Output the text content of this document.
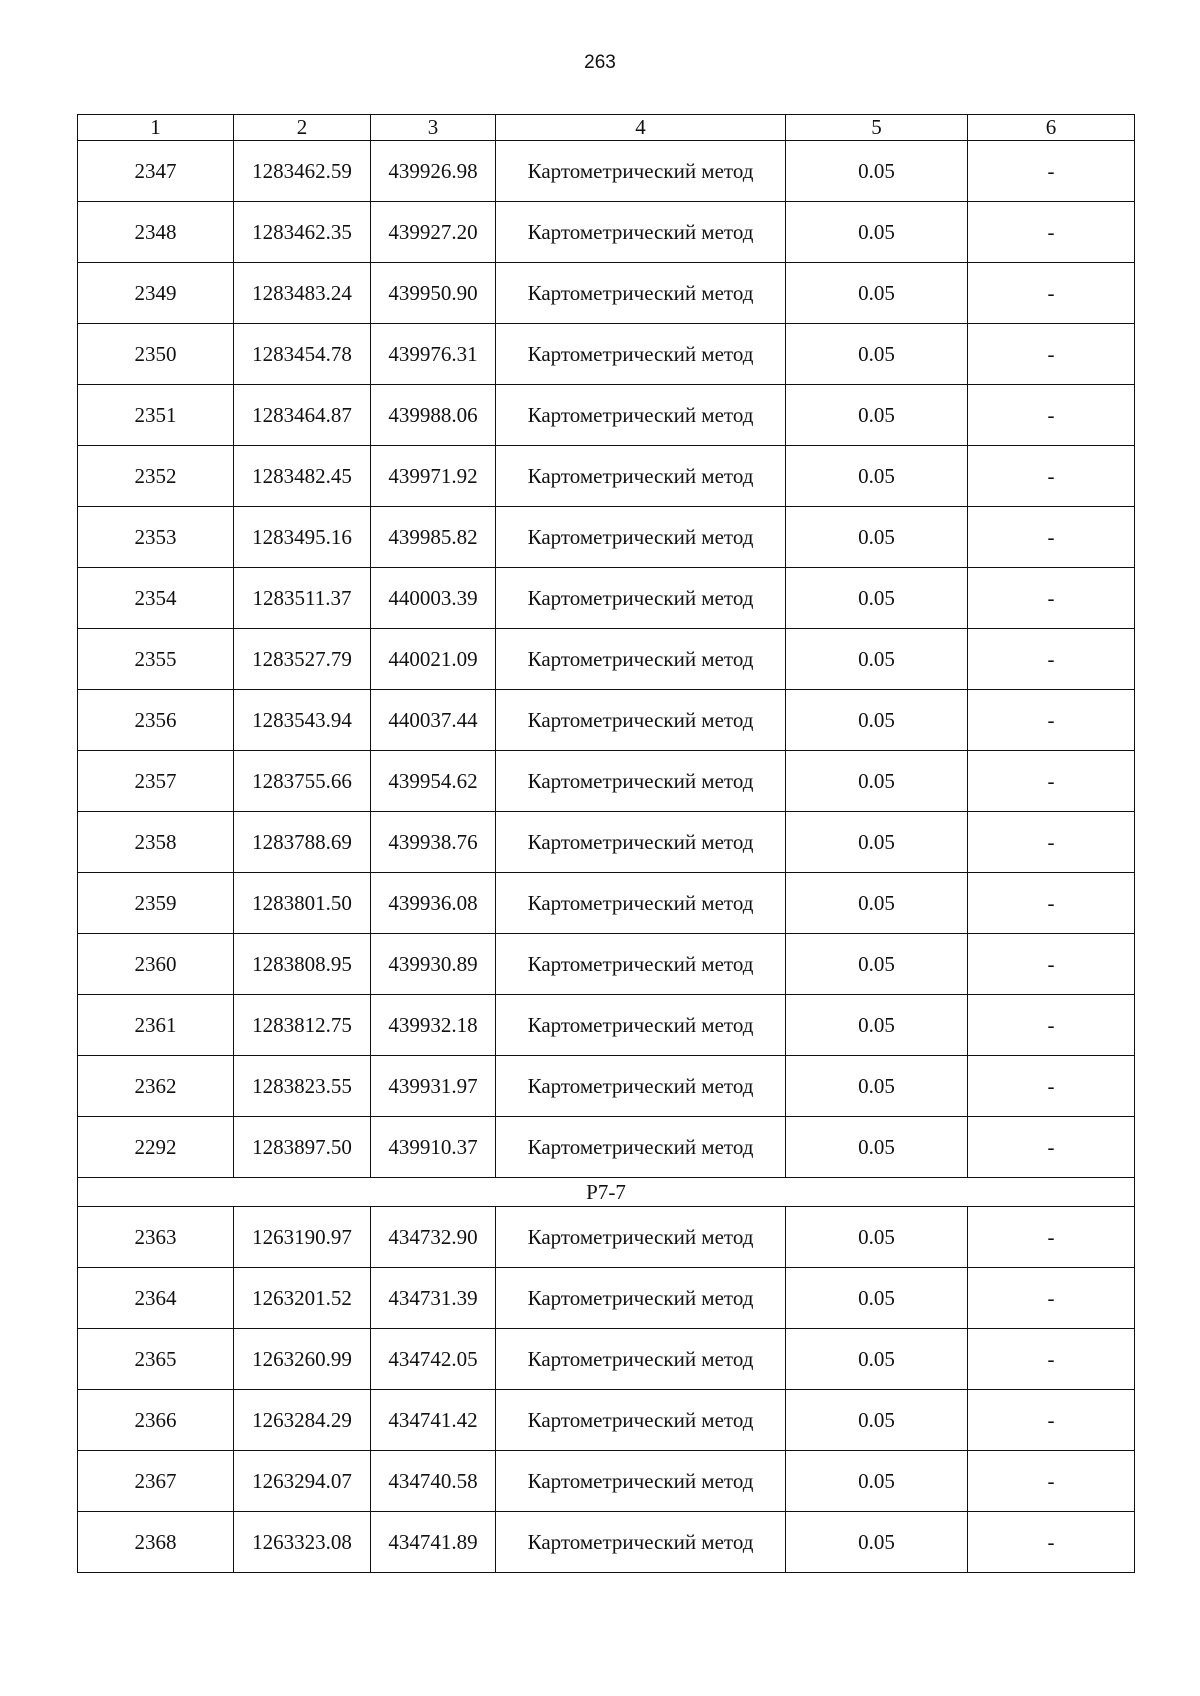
263
1	2	3	4	5	6
2347	1283462.59	439926.98	Картометрический метод	0.05	-
2348	1283462.35	439927.20	Картометрический метод	0.05	-
2349	1283483.24	439950.90	Картометрический метод	0.05	-
2350	1283454.78	439976.31	Картометрический метод	0.05	-
2351	1283464.87	439988.06	Картометрический метод	0.05	-
2352	1283482.45	439971.92	Картометрический метод	0.05	-
2353	1283495.16	439985.82	Картометрический метод	0.05	-
2354	1283511.37	440003.39	Картометрический метод	0.05	-
2355	1283527.79	440021.09	Картометрический метод	0.05	-
2356	1283543.94	440037.44	Картометрический метод	0.05	-
2357	1283755.66	439954.62	Картометрический метод	0.05	-
2358	1283788.69	439938.76	Картометрический метод	0.05	-
2359	1283801.50	439936.08	Картометрический метод	0.05	-
2360	1283808.95	439930.89	Картометрический метод	0.05	-
2361	1283812.75	439932.18	Картометрический метод	0.05	-
2362	1283823.55	439931.97	Картометрический метод	0.05	-
2292	1283897.50	439910.37	Картометрический метод	0.05	-
Р7-7					
2363	1263190.97	434732.90	Картометрический метод	0.05	-
2364	1263201.52	434731.39	Картометрический метод	0.05	-
2365	1263260.99	434742.05	Картометрический метод	0.05	-
2366	1263284.29	434741.42	Картометрический метод	0.05	-
2367	1263294.07	434740.58	Картометрический метод	0.05	-
2368	1263323.08	434741.89	Картометрический метод	0.05	-
